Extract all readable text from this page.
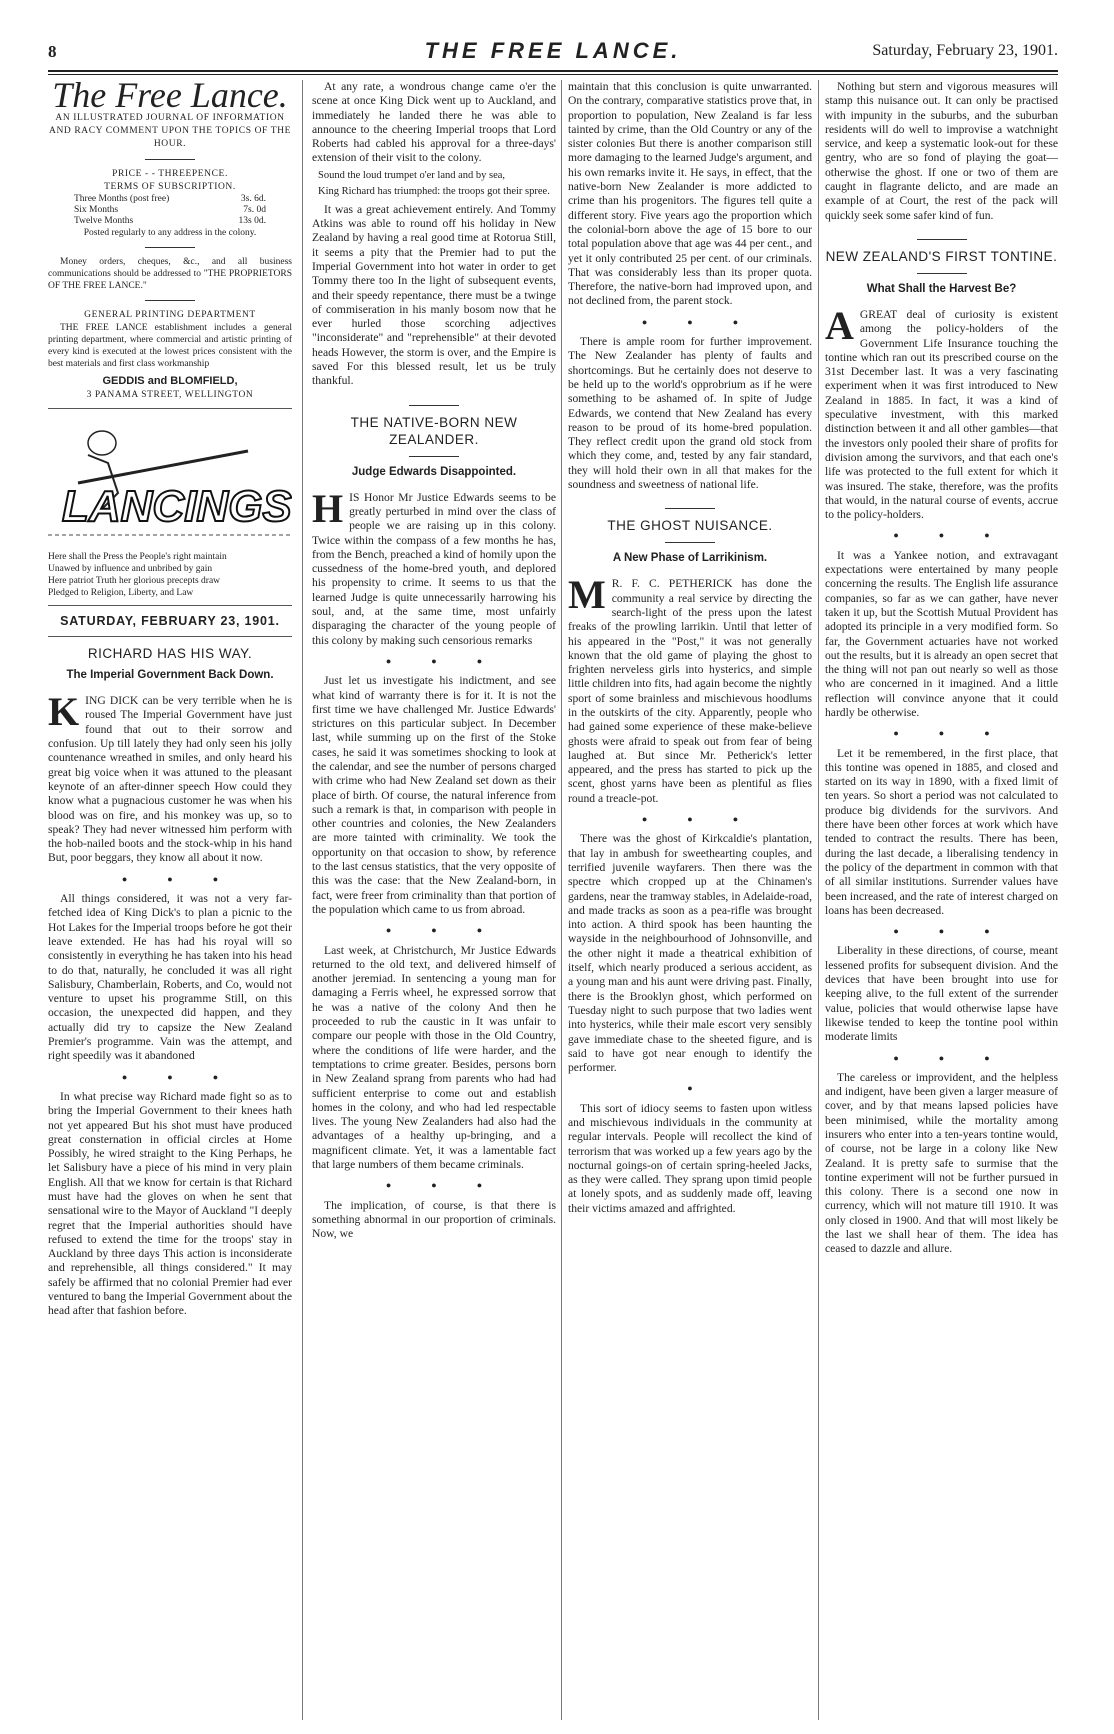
8	THE FREE LANCE.	Saturday, February 23, 1901.
The Free Lance.
AN ILLUSTRATED JOURNAL OF INFORMATION AND RACY COMMENT UPON THE TOPICS OF THE HOUR.
PRICE - - THREEPENCE.
TERMS OF SUBSCRIPTION.
Three Months (post free)	3s. 6d.
Six Months	7s. 0d
Twelve Months	13s 0d.
Posted regularly to any address in the colony.
Money orders, cheques, &c., and all business communications should be addressed to "THE PROPRIETORS OF THE FREE LANCE."
GENERAL PRINTING DEPARTMENT
THE FREE LANCE establishment includes a general printing department, where commercial and artistic printing of every kind is executed at the lowest prices consistent with the best materials and first class workmanship
GEDDIS and BLOMFIELD,
3 PANAMA STREET, WELLINGTON
LANCINGS
Here shall the Press the People's right maintain
Unawed by influence and unbribed by gain
Here patriot Truth her glorious precepts draw
Pledged to Religion, Liberty, and Law
SATURDAY, FEBRUARY 23, 1901.
RICHARD HAS HIS WAY.
The Imperial Government Back Down.
K ING DICK can be very terrible when he is roused The Imperial Government have just found that out to their sorrow and confusion. Up till lately they had only seen his jolly countenance wreathed in smiles, and only heard his great big voice when it was attuned to the pleasant keynote of an after-dinner speech How could they know what a pugnacious customer he was when his blood was on fire, and his monkey was up, so to speak? They had never witnessed him perform with the hob-nailed boots and the stock-whip in his hand But, poor beggars, they know all about it now.

●●●

All things considered, it was not a very far-fetched idea of King Dick's to plan a picnic to the Hot Lakes for the Imperial troops before he got their leave extended. He has had his royal will so consistently in everything he has taken into his head to do that, naturally, he concluded it was all right Salisbury, Chamberlain, Roberts, and Co, would not venture to upset his programme Still, on this occasion, the unexpected did happen, and they actually did try to capsize the New Zealand Premier's programme. Vain was the attempt, and right speedily was it abandoned

●●●

In what precise way Richard made fight so as to bring the Imperial Government to their knees hath not yet appeared But his shot must have produced great consternation in official circles at Home Possibly, he wired straight to the King Perhaps, he let Salisbury have a piece of his mind in very plain English. All that we know for certain is that Richard must have had the gloves on when he sent that sensational wire to the Mayor of Auckland "I deeply regret that the Imperial authorities should have refused to extend the time for the troops' stay in Auckland by three days This action is inconsiderate and reprehensible, all things considered." It may safely be affirmed that no colonial Premier had ever ventured to bang the Imperial Government about the head after that fashion before.

At any rate, a wondrous change came o'er the scene at once King Dick went up to Auckland, and immediately he landed there he was able to announce to the cheering Imperial troops that Lord Roberts had cabled his approval for a three-days' extension of their visit to the colony.

Sound the loud trumpet o'er land and by sea,
King Richard has triumphed: the troops got their spree.

It was a great achievement entirely. And Tommy Atkins was able to round off his holiday in New Zealand by having a real good time at Rotorua Still, it seems a pity that the Premier had to put the Imperial Government into hot water in order to get Tommy there too In the light of subsequent events, and their speedy repentance, there must be a twinge of commiseration in his manly bosom now that he ever hurled those scorching adjectives "inconsiderate" and "reprehensible" at their devoted heads However, the storm is over, and the Empire is saved For this blessed result, let us be truly thankful.

THE NATIVE-BORN NEW ZEALANDER.
Judge Edwards Disappointed.
H IS Honor Mr Justice Edwards seems to be greatly perturbed in mind over the class of people we are raising up in this colony. Twice within the compass of a few months he has, from the Bench, preached a kind of homily upon the cussedness of the home-bred youth, and deplored his propensity to crime. It seems to us that the learned Judge is quite unnecessarily harrowing his soul, and, at the same time, most unfairly disparaging the character of the young people of this colony by making such censorious remarks

●●●

Just let us investigate his indictment, and see what kind of warranty there is for it. It is not the first time we have challenged Mr. Justice Edwards' strictures on this particular subject. In December last, while summing up on the first of the Stoke cases, he said it was sometimes shocking to look at the calendar, and see the number of persons charged with crime who had New Zealand set down as their place of birth. Of course, the natural inference from such a remark is that, in comparison with people in other countries and colonies, the New Zealanders are more tainted with criminality. We took the opportunity on that occasion to show, by reference to the last census statistics, that the very opposite of this was the case: that the New Zealand-born, in fact, were freer from criminality than that portion of the population which came to us from abroad.

●●●

Last week, at Christchurch, Mr Justice Edwards returned to the old text, and delivered himself of another jeremiad. In sentencing a young man for damaging a Ferris wheel, he expressed sorrow that he was a native of the colony And then he proceeded to rub the caustic in It was unfair to compare our people with those in the Old Country, where the conditions of life were harder, and the temptations to crime greater. Besides, persons born in New Zealand sprang from parents who had had sufficient enterprise to come out and establish homes in the colony, and who had led respectable lives. The young New Zealanders had also had the advantages of a healthy up-bringing, and a magnificent climate. Yet, it was a lamentable fact that large numbers of them became criminals.

●●●

The implication, of course, is that there is something abnormal in our proportion of criminals. Now, we

maintain that this conclusion is quite unwarranted. On the contrary, comparative statistics prove that, in proportion to population, New Zealand is far less tainted by crime, than the Old Country or any of the sister colonies But there is another comparison still more damaging to the learned Judge's argument, and his own remarks invite it. He says, in effect, that the native-born New Zealander is more addicted to crime than his progenitors. The figures tell quite a different story. Five years ago the proportion which the colonial-born above the age of 15 bore to our total population above that age was 44 per cent., and yet it only contributed 25 per cent. of our criminals. That was considerably less than its proper quota. Therefore, the native-born had improved upon, and not declined from, the parent stock.

●●●

There is ample room for further improvement. The New Zealander has plenty of faults and shortcomings. But he certainly does not deserve to be held up to the world's opprobrium as if he were something to be ashamed of. In spite of Judge Edwards, we contend that New Zealand has every reason to be proud of its home-bred population. They reflect credit upon the grand old stock from which they come, and, tested by any fair standard, they will hold their own in all that makes for the soundness and sweetness of national life.

THE GHOST NUISANCE.
A New Phase of Larrikinism.
M R. F. C. PETHERICK has done the community a real service by directing the search-light of the press upon the latest freaks of the prowling larrikin. Until that letter of his appeared in the "Post," it was not generally known that the old game of playing the ghost to frighten nerveless girls into hysterics, and simple little children into fits, had again become the nightly sport of some brainless and mischievous hoodlums in the outskirts of the city. Apparently, people who had gained some experience of these make-believe ghosts were afraid to speak out from fear of being laughed at. But since Mr. Petherick's letter appeared, and the press has started to pick up the scent, ghost yarns have been as plentiful as flies round a treacle-pot.

●●●

There was the ghost of Kirkcaldie's plantation, that lay in ambush for sweethearting couples, and terrified juvenile wayfarers. Then there was the spectre which cropped up at the Chinamen's gardens, near the tramway stables, in Adelaide-road, and made tracks as soon as a pea-rifle was brought into action. A third spook has been haunting the wayside in the neighbourhood of Johnsonville, and the other night it made a theatrical exhibition of itself, which nearly produced a serious accident, as a young man and his aunt were driving past. Finally, there is the Brooklyn ghost, which performed on Tuesday night to such purpose that two ladies went into hysterics, while their male escort very sensibly gave immediate chase to the sheeted figure, and is said to have got near enough to identify the performer.

●

This sort of idiocy seems to fasten upon witless and mischievous individuals in the community at regular intervals. People will recollect the kind of terrorism that was worked up a few years ago by the nocturnal goings-on of certain spring-heeled Jacks, as they were called. They sprang upon timid people at lonely spots, and as suddenly made off, leaving their victims amazed and affrighted.

Nothing but stern and vigorous measures will stamp this nuisance out. It can only be practised with impunity in the suburbs, and the suburban residents will do well to improvise a watchnight service, and keep a systematic look-out for these gentry, who are so fond of playing the goat—otherwise the ghost. If one or two of them are caught in flagrante delicto, and are made an example of at Court, the rest of the pack will quickly seek some safer kind of fun.

NEW ZEALAND'S FIRST TONTINE.
What Shall the Harvest Be?
A GREAT deal of curiosity is existent among the policy-holders of the Government Life Insurance touching the tontine which ran out its prescribed course on the 31st December last. It was a very fascinating experiment when it was first introduced to New Zealand in 1885. In fact, it was a kind of speculative investment, with this marked distinction between it and all other gambles—that the investors only pooled their share of profits for division among the survivors, and that each one's life was protected to the full extent for which it was insured. The stake, therefore, was the profits that would, in the natural course of events, accrue to the policy-holders.

●●●

It was a Yankee notion, and extravagant expectations were entertained by many people concerning the results. The English life assurance companies, so far as we can gather, have never taken it up, but the Scottish Mutual Provident has adopted its principle in a very modified form. So far, the Government actuaries have not worked out the results, but it is already an open secret that the thing will not pan out nearly so well as those who are concerned in it imagined. And a little reflection will convince anyone that it could hardly be otherwise.

●●●

Let it be remembered, in the first place, that this tontine was opened in 1885, and closed and started on its way in 1890, with a fixed limit of ten years. So short a period was not calculated to produce big dividends for the survivors. And there have been other forces at work which have tended to contract the results. There has been, during the last decade, a liberalising tendency in the policy of the department in common with that of all similar institutions. Surrender values have been increased, and the rate of interest charged on loans has been decreased.

●●●

Liberality in these directions, of course, meant lessened profits for subsequent division. And the devices that have been brought into use for keeping alive, to the full extent of the surrender value, policies that would otherwise lapse have likewise tended to keep the tontine pool within moderate limits

●●●

The careless or improvident, and the helpless and indigent, have been given a larger measure of cover, and by that means lapsed policies have been minimised, while the mortality among insurers who enter into a ten-years tontine would, of course, not be large in a colony like New Zealand. It is pretty safe to surmise that the tontine experiment will not be further pursued in this colony. There is a second one now in currency, which will not mature till 1910. It was only closed in 1900. And that will most likely be the last we shall hear of them. The idea has ceased to dazzle and allure.
